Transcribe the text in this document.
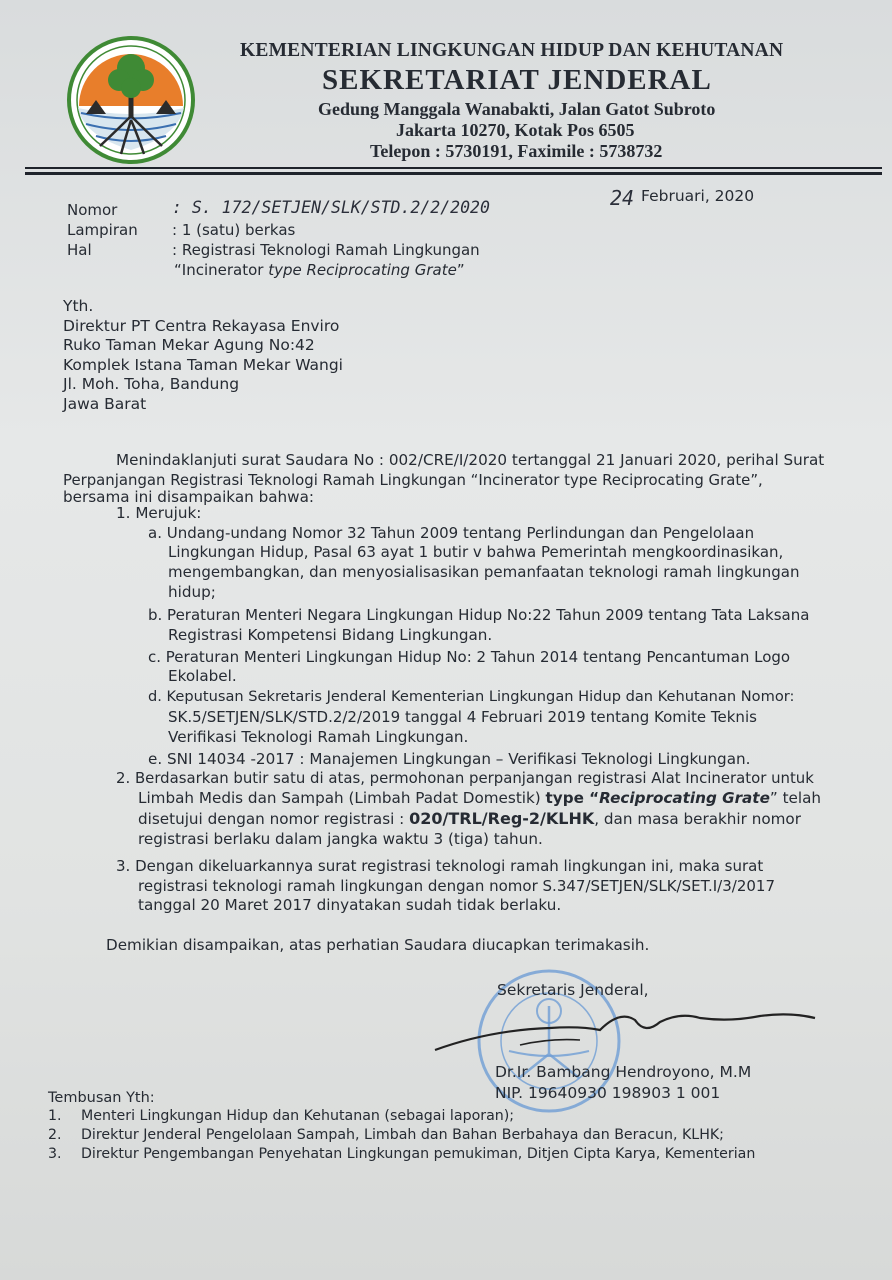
KEMENTERIAN LINGKUNGAN HIDUP DAN KEHUTANAN
SEKRETARIAT JENDERAL
Gedung Manggala Wanabakti, Jalan Gatot Subroto
Jakarta 10270, Kotak Pos 6505
Telepon : 5730191, Faximile : 5738732
24 Februari, 2020
Nomor	: S. 172/SETJEN/SLK/STD.2/2/2020
Lampiran : 1 (satu) berkas
Hal	: Registrasi Teknologi Ramah Lingkungan
“Incinerator type Reciprocating Grate”
Yth.
Direktur PT Centra Rekayasa Enviro
Ruko Taman Mekar Agung No:42
Komplek Istana Taman Mekar Wangi
Jl. Moh. Toha, Bandung
Jawa Barat
Menindaklanjuti surat Saudara No : 002/CRE/I/2020 tertanggal 21 Januari 2020, perihal Surat
Perpanjangan Registrasi Teknologi Ramah Lingkungan “Incinerator type Reciprocating Grate”,
bersama ini disampaikan bahwa:
1. Merujuk:
a. Undang-undang Nomor 32 Tahun 2009 tentang Perlindungan dan Pengelolaan
Lingkungan Hidup, Pasal 63 ayat 1 butir v bahwa Pemerintah mengkoordinasikan,
mengembangkan, dan menyosialisasikan pemanfaatan teknologi ramah lingkungan
hidup;
b. Peraturan Menteri Negara Lingkungan Hidup No:22 Tahun 2009 tentang Tata Laksana
Registrasi Kompetensi Bidang Lingkungan.
c. Peraturan Menteri Lingkungan Hidup No: 2 Tahun 2014 tentang Pencantuman Logo
Ekolabel.
d. Keputusan Sekretaris Jenderal Kementerian Lingkungan Hidup dan Kehutanan Nomor:
SK.5/SETJEN/SLK/STD.2/2/2019 tanggal 4 Februari 2019 tentang Komite Teknis
Verifikasi Teknologi Ramah Lingkungan.
e. SNI 14034 -2017 : Manajemen Lingkungan – Verifikasi Teknologi Lingkungan.
2. Berdasarkan butir satu di atas, permohonan perpanjangan registrasi Alat Incinerator untuk
Limbah Medis dan Sampah (Limbah Padat Domestik) type “Reciprocating Grate” telah
disetujui dengan nomor registrasi : 020/TRL/Reg-2/KLHK, dan masa berakhir nomor
registrasi berlaku dalam jangka waktu 3 (tiga) tahun.
3. Dengan dikeluarkannya surat registrasi teknologi ramah lingkungan ini, maka surat
registrasi teknologi ramah lingkungan dengan nomor S.347/SETJEN/SLK/SET.I/3/2017
tanggal 20 Maret 2017 dinyatakan sudah tidak berlaku.
Demikian disampaikan, atas perhatian Saudara diucapkan terimakasih.
Sekretaris Jenderal,
Dr.Ir. Bambang Hendroyono, M.M
NIP. 19640930 198903 1 001
Tembusan Yth:
1. Menteri Lingkungan Hidup dan Kehutanan (sebagai laporan);
2. Direktur Jenderal Pengelolaan Sampah, Limbah dan Bahan Berbahaya dan Beracun, KLHK;
3. Direktur Pengembangan Penyehatan Lingkungan pemukiman, Ditjen Cipta Karya, Kementerian
